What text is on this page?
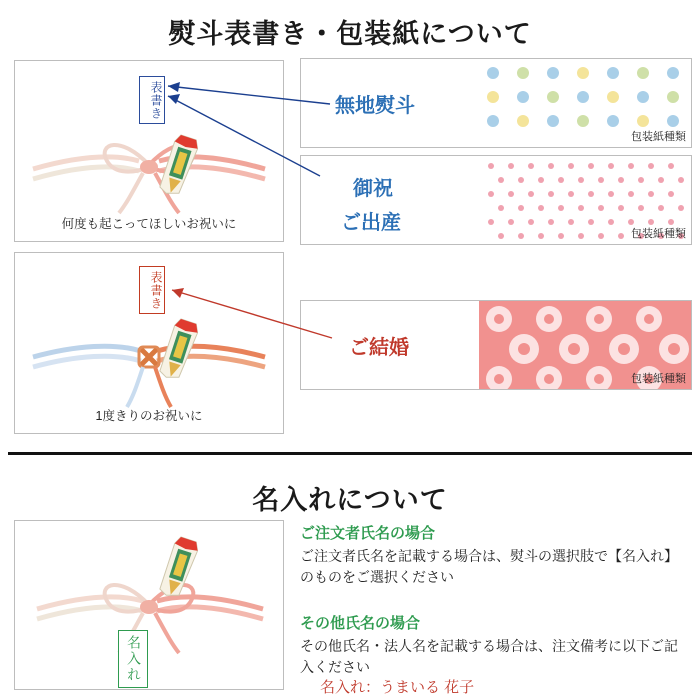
熨斗表書き・包装紙について
表書き
何度も起こってほしいお祝いに
表書き
1度きりのお祝いに
無地熨斗
包装紙種類
御祝
ご出産	包装紙種類
ご結婚
包装紙種類
名入れについて
名入れ
ご注文者氏名の場合
ご注文者氏名を記載する場合は、熨斗の選択肢で【名入れ】のものをご選択ください
その他氏名の場合
その他氏名・法人名を記載する場合は、注文備考に以下ご記入ください
名入れ：うまいる 花子
